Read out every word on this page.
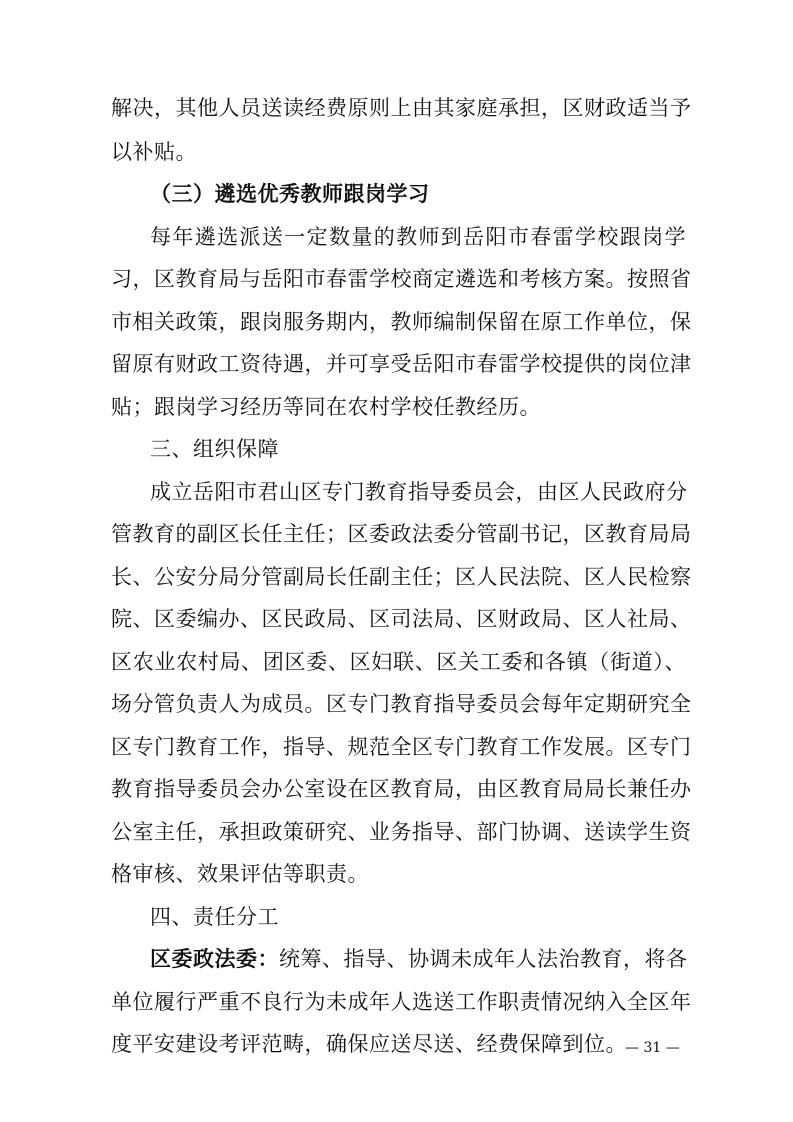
解决，其他人员送读经费原则上由其家庭承担，区财政适当予
以补贴。
（三）遴选优秀教师跟岗学习
每年遴选派送一定数量的教师到岳阳市春雷学校跟岗学
习，区教育局与岳阳市春雷学校商定遴选和考核方案。按照省
市相关政策，跟岗服务期内，教师编制保留在原工作单位，保
留原有财政工资待遇，并可享受岳阳市春雷学校提供的岗位津
贴；跟岗学习经历等同在农村学校任教经历。
三、组织保障
成立岳阳市君山区专门教育指导委员会，由区人民政府分
管教育的副区长任主任；区委政法委分管副书记，区教育局局
长、公安分局分管副局长任副主任；区人民法院、区人民检察
院、区委编办、区民政局、区司法局、区财政局、区人社局、
区农业农村局、团区委、区妇联、区关工委和各镇（街道）、
场分管负责人为成员。区专门教育指导委员会每年定期研究全
区专门教育工作，指导、规范全区专门教育工作发展。区专门
教育指导委员会办公室设在区教育局，由区教育局局长兼任办
公室主任，承担政策研究、业务指导、部门协调、送读学生资
格审核、效果评估等职责。
四、责任分工
区委政法委：统筹、指导、协调未成年人法治教育，将各
单位履行严重不良行为未成年人选送工作职责情况纳入全区年
度平安建设考评范畴，确保应送尽送、经费保障到位。
— 31 —
